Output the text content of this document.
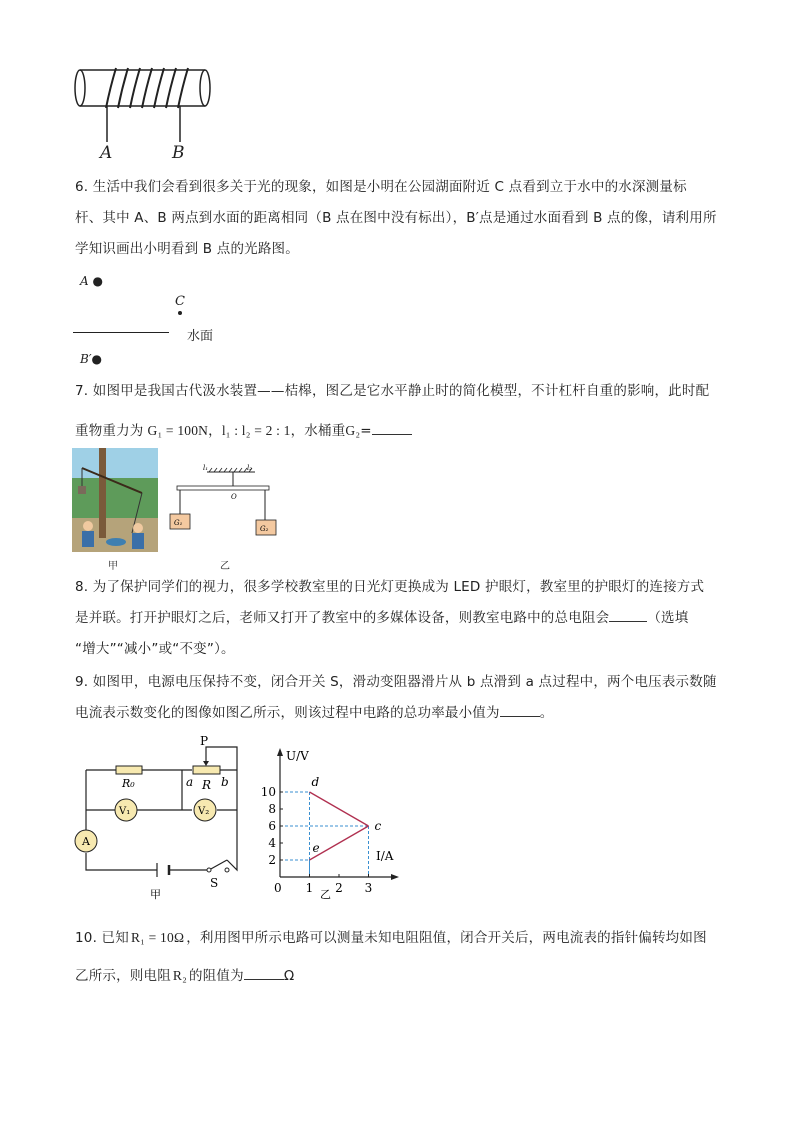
A	B
6. 生活中我们会看到很多关于光的现象，如图是小明在公园湖面附近 C 点看到立于水中的水深测量标
杆、其中 A、B 两点到水面的距离相同（B 点在图中没有标出），B′点是通过水面看到 B 点的像，请利用所
学知识画出小明看到 B 点的光路图。
A ●
C
水面
B′●
7. 如图甲是我国古代汲水装置——桔槔，图乙是它水平静止时的简化模型，不计杠杆自重的影响，此时配
重物重力为 G₁ = 100N，l₁ : l₂ = 2 : 1，水桶重G₂=
甲
l₁	l₂
O
G₁
G₂
乙
8. 为了保护同学们的视力，很多学校教室里的日光灯更换成为 LED 护眼灯，教室里的护眼灯的连接方式
是并联。打开护眼灯之后，老师又打开了教室中的多媒体设备，则教室电路中的总电阻会	（选填
“增大”“减小”或“不变”）。
9. 如图甲，电源电压保持不变，闭合开关 S，滑动变阻器滑片从 b 点滑到 a 点过程中，两个电压表示数随
电流表示数变化的图像如图乙所示，则该过程中电路的总功率最小值为	。
P
R₀	R
a b
V₁	V₂
A
S
甲
10
8
6
4
2
1 2 3
d
e
c
U/V
I/A
0	乙
10. 已知 R₁ = 10Ω ，利用图甲所示电路可以测量未知电阻阻值，闭合开关后，两电流表的指针偏转均如图
乙所示，则电阻 R₂ 的阻值为	Ω
